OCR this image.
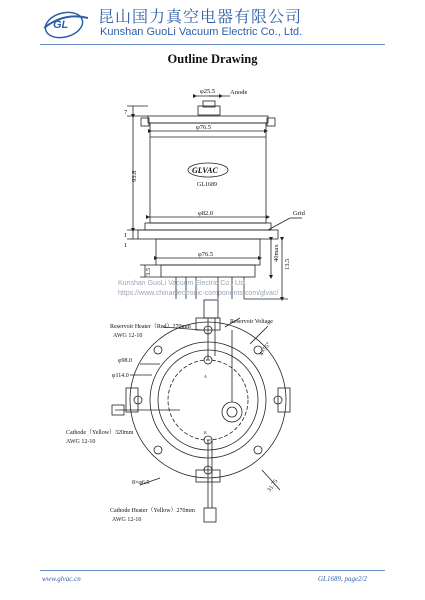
GL 昆山国力真空电器有限公司
Kunshan GuoLi Vacuum Electric Co., Ltd.
Outline Drawing
Anode
Grid
φ25.5
φ76.5
φ82.0
φ76.5
7
93.8
1
13.5
3.5
40max
1
GLVAC
GL1689
Reservoir Heater（Red）270mm
AWG 12-10
Reservoir Voltage
4×55°
φ98.0
φ114.0
Cathode（Yellow）320mm
AWG 12-10
8×φ6.5	31.75
Cathode Heater（Yellow）270mm
AWG 12-10
A
K
Kunshan GuoLi Vacuum Electric Co., Ltd.
https://www.chinaelectronic-components.com/glvac/
www.glvac.cn	GL1689, page2/2
